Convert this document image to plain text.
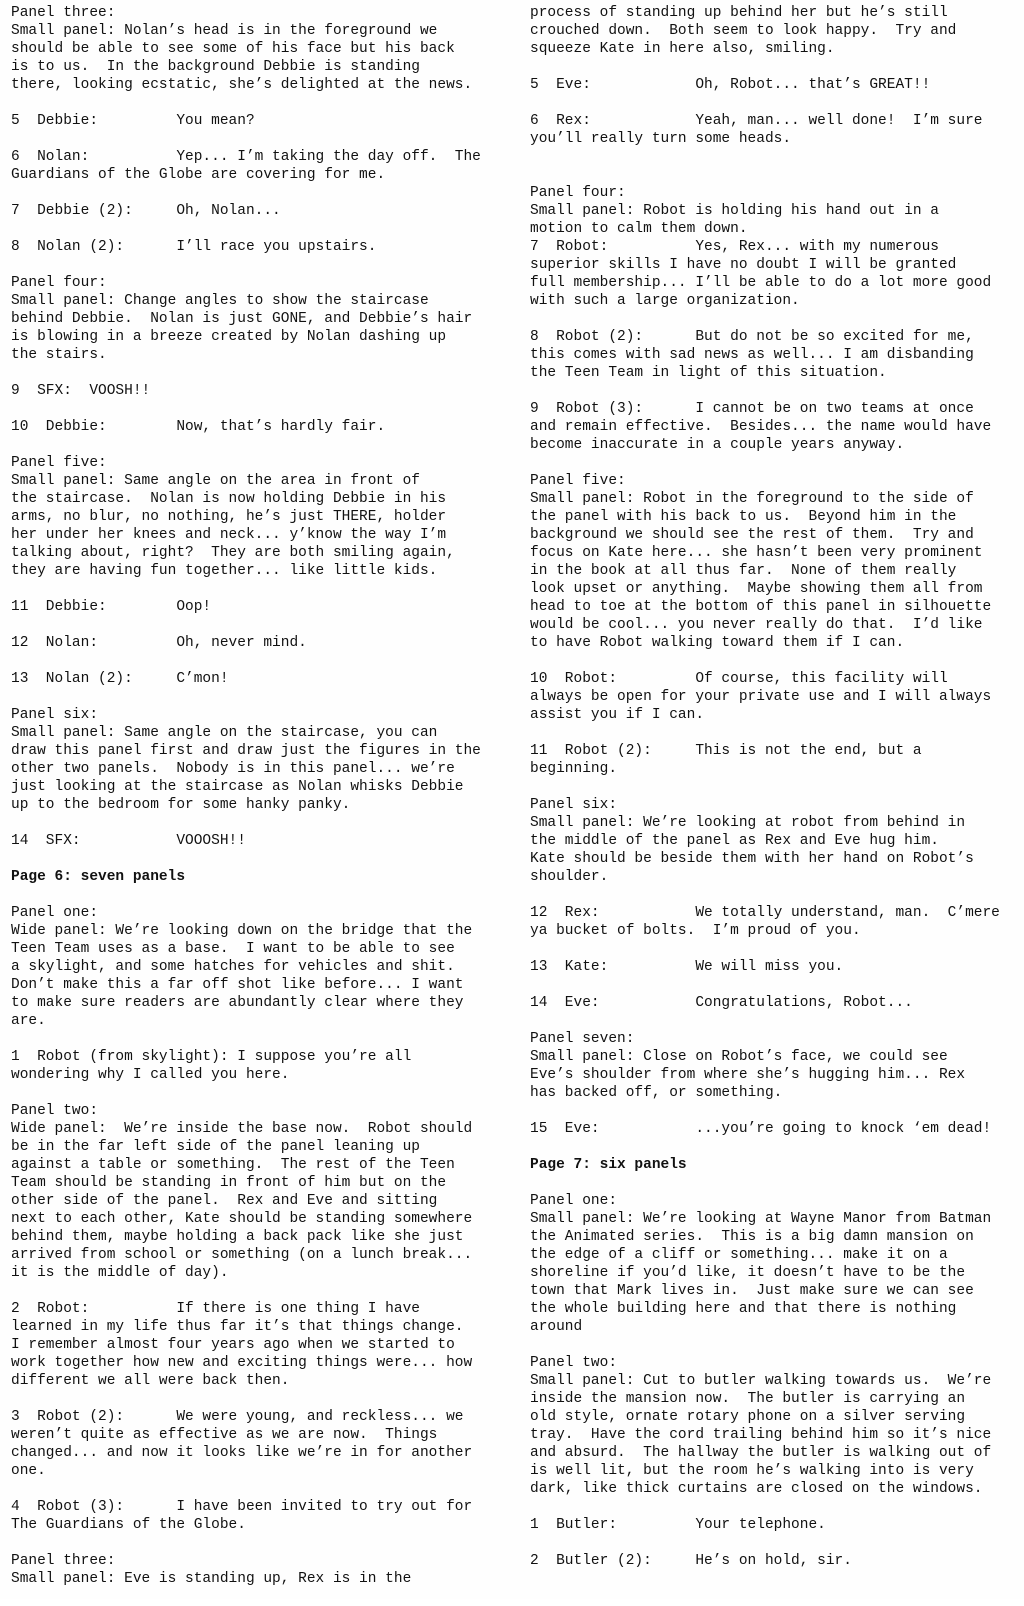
Panel three:
Small panel: Nolan’s head is in the foreground we
should be able to see some of his face but his back
is to us.  In the background Debbie is standing
there, looking ecstatic, she’s delighted at the news.
5  Debbie:         You mean?
6  Nolan:          Yep... I’m taking the day off.  The
Guardians of the Globe are covering for me.
7  Debbie (2):     Oh, Nolan...
8  Nolan (2):      I’ll race you upstairs.
Panel four:
Small panel: Change angles to show the staircase
behind Debbie.  Nolan is just GONE, and Debbie’s hair
is blowing in a breeze created by Nolan dashing up
the stairs.
9  SFX:  VOOSH!!
10  Debbie:        Now, that’s hardly fair.
Panel five:
Small panel: Same angle on the area in front of
the staircase.  Nolan is now holding Debbie in his
arms, no blur, no nothing, he’s just THERE, holder
her under her knees and neck... y’know the way I’m
talking about, right?  They are both smiling again,
they are having fun together... like little kids.
11  Debbie:        Oop!
12  Nolan:         Oh, never mind.
13  Nolan (2):     C’mon!
Panel six:
Small panel: Same angle on the staircase, you can
draw this panel first and draw just the figures in the
other two panels.  Nobody is in this panel... we’re
just looking at the staircase as Nolan whisks Debbie
up to the bedroom for some hanky panky.
14  SFX:           VOOOSH!!
Page 6: seven panels
Panel one:
Wide panel: We’re looking down on the bridge that the
Teen Team uses as a base.  I want to be able to see
a skylight, and some hatches for vehicles and shit.
Don’t make this a far off shot like before... I want
to make sure readers are abundantly clear where they
are.
1  Robot (from skylight): I suppose you’re all
wondering why I called you here.
Panel two:
Wide panel:  We’re inside the base now.  Robot should
be in the far left side of the panel leaning up
against a table or something.  The rest of the Teen
Team should be standing in front of him but on the
other side of the panel.  Rex and Eve and sitting
next to each other, Kate should be standing somewhere
behind them, maybe holding a back pack like she just
arrived from school or something (on a lunch break...
it is the middle of day).
2  Robot:          If there is one thing I have
learned in my life thus far it’s that things change.
I remember almost four years ago when we started to
work together how new and exciting things were... how
different we all were back then.
3  Robot (2):      We were young, and reckless... we
weren’t quite as effective as we are now.  Things
changed... and now it looks like we’re in for another
one.
4  Robot (3):      I have been invited to try out for
The Guardians of the Globe.
Panel three:
Small panel: Eve is standing up, Rex is in the
process of standing up behind her but he’s still
crouched down.  Both seem to look happy.  Try and
squeeze Kate in here also, smiling.
5  Eve:            Oh, Robot... that’s GREAT!!
6  Rex:            Yeah, man... well done!  I’m sure
you’ll really turn some heads.

Panel four:
Small panel: Robot is holding his hand out in a
motion to calm them down.
7  Robot:          Yes, Rex... with my numerous
superior skills I have no doubt I will be granted
full membership... I’ll be able to do a lot more good
with such a large organization.
8  Robot (2):      But do not be so excited for me,
this comes with sad news as well... I am disbanding
the Teen Team in light of this situation.
9  Robot (3):      I cannot be on two teams at once
and remain effective.  Besides... the name would have
become inaccurate in a couple years anyway.
Panel five:
Small panel: Robot in the foreground to the side of
the panel with his back to us.  Beyond him in the
background we should see the rest of them.  Try and
focus on Kate here... she hasn’t been very prominent
in the book at all thus far.  None of them really
look upset or anything.  Maybe showing them all from
head to toe at the bottom of this panel in silhouette
would be cool... you never really do that.  I’d like
to have Robot walking toward them if I can.
10  Robot:         Of course, this facility will
always be open for your private use and I will always
assist you if I can.
11  Robot (2):     This is not the end, but a
beginning.
Panel six:
Small panel: We’re looking at robot from behind in
the middle of the panel as Rex and Eve hug him.
Kate should be beside them with her hand on Robot’s
shoulder.
12  Rex:           We totally understand, man.  C’mere
ya bucket of bolts.  I’m proud of you.
13  Kate:          We will miss you.
14  Eve:           Congratulations, Robot...
Panel seven:
Small panel: Close on Robot’s face, we could see
Eve’s shoulder from where she’s hugging him... Rex
has backed off, or something.
15  Eve:           ...you’re going to knock ‘em dead!
Page 7: six panels
Panel one:
Small panel: We’re looking at Wayne Manor from Batman
the Animated series.  This is a big damn mansion on
the edge of a cliff or something... make it on a
shoreline if you’d like, it doesn’t have to be the
town that Mark lives in.  Just make sure we can see
the whole building here and that there is nothing
around
Panel two:
Small panel: Cut to butler walking towards us.  We’re
inside the mansion now.  The butler is carrying an
old style, ornate rotary phone on a silver serving
tray.  Have the cord trailing behind him so it’s nice
and absurd.  The hallway the butler is walking out of
is well lit, but the room he’s walking into is very
dark, like thick curtains are closed on the windows.
1  Butler:         Your telephone.
2  Butler (2):     He’s on hold, sir.
